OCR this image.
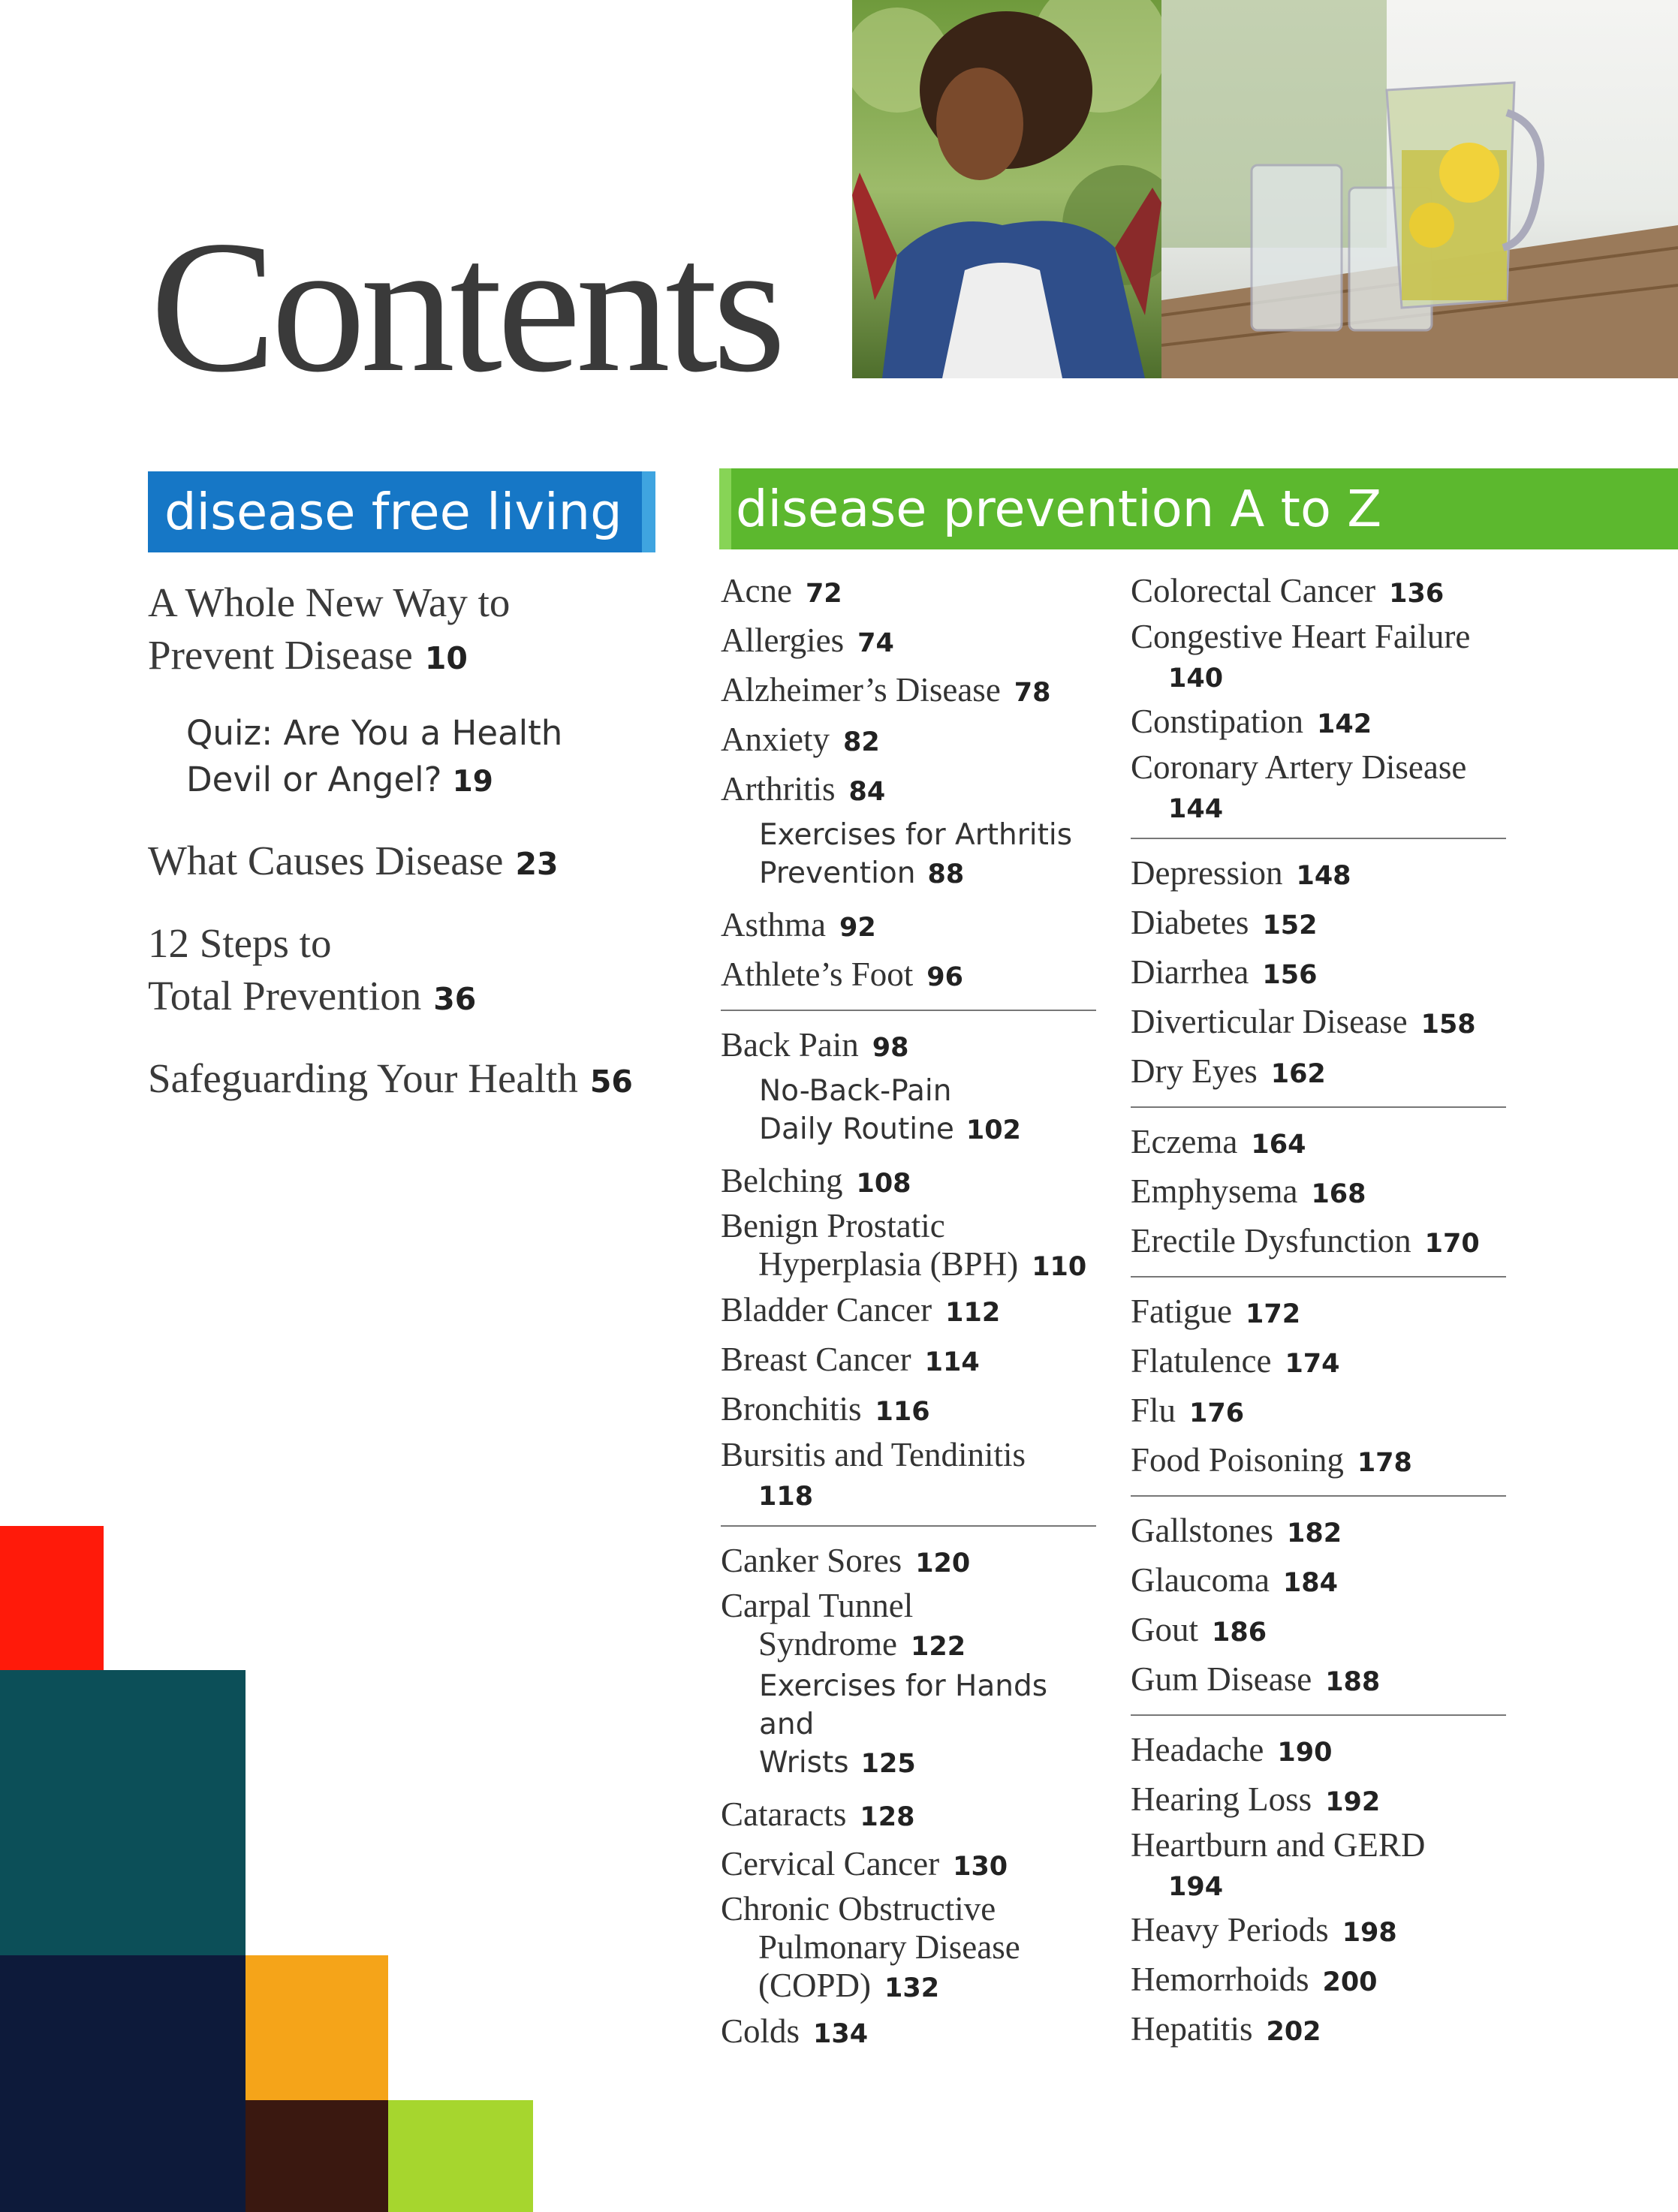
Contents
disease free living	disease prevention A to Z
A Whole New Way to
Prevent Disease 10
Quiz: Are You a Health
Devil or Angel? 19
What Causes Disease 23
12 Steps to
Total Prevention 36
Safeguarding Your Health 56
Acne 72
Allergies 74
Alzheimer’s Disease 78
Anxiety 82
Arthritis 84
Exercises for Arthritis
Prevention 88
Asthma 92
Athlete’s Foot 96
Back Pain 98
No-Back-Pain
Daily Routine 102
Belching 108
Benign Prostatic
Hyperplasia (BPH) 110
Bladder Cancer 112
Breast Cancer 114
Bronchitis 116
Bursitis and Tendinitis
118
Canker Sores 120
Carpal Tunnel
Syndrome 122
Exercises for Hands and
Wrists 125
Cataracts 128
Cervical Cancer 130
Chronic Obstructive
Pulmonary Disease
(COPD) 132
Colds 134
Colorectal Cancer 136
Congestive Heart Failure
140
Constipation 142
Coronary Artery Disease
144
Depression 148
Diabetes 152
Diarrhea 156
Diverticular Disease 158
Dry Eyes 162
Eczema 164
Emphysema 168
Erectile Dysfunction 170
Fatigue 172
Flatulence 174
Flu 176
Food Poisoning 178
Gallstones 182
Glaucoma 184
Gout 186
Gum Disease 188
Headache 190
Hearing Loss 192
Heartburn and GERD
194
Heavy Periods 198
Hemorrhoids 200
Hepatitis 202
